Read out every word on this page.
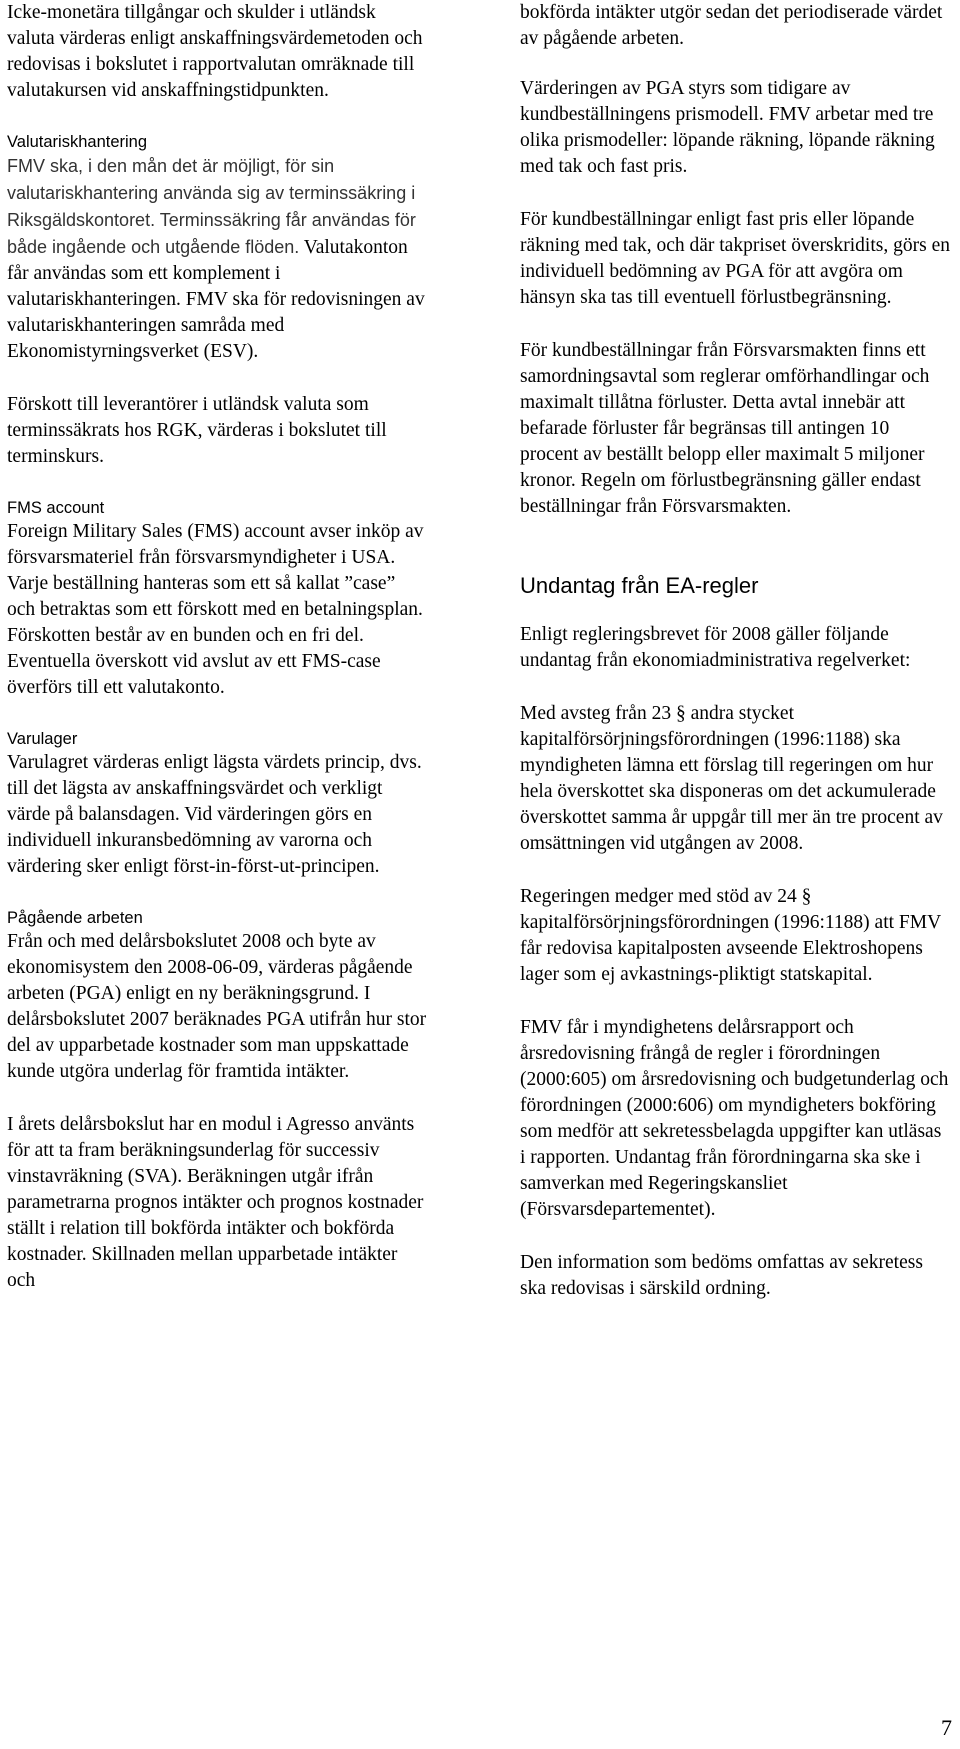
Icke-monetära tillgångar och skulder i utländsk valuta värderas enligt anskaffningsvärdemetoden och redovisas i bokslutet i rapportvalutan omräknade till valutakursen vid anskaffningstidpunkten.

Valutariskhantering

FMV ska, i den mån det är möjligt, för sin valutariskhantering använda sig av terminssäkring i Riksgäldskontoret. Terminssäkring får användas för både ingående och utgående flöden. Valutakonton får användas som ett komplement i valutariskhanteringen. FMV ska för redovisningen av valutariskhanteringen samråda med Ekonomistyrningsverket (ESV).

Förskott till leverantörer i utländsk valuta som terminssäkrats hos RGK, värderas i bokslutet till terminskurs.

FMS account

Foreign Military Sales (FMS) account avser inköp av försvarsmateriel från försvarsmyndigheter i USA. Varje beställning hanteras som ett så kallat ”case” och betraktas som ett förskott med en betalningsplan. Förskotten består av en bunden och en fri del. Eventuella överskott vid avslut av ett FMS-case överförs till ett valutakonto.

Varulager

Varulagret värderas enligt lägsta värdets princip, dvs. till det lägsta av anskaffningsvärdet och verkligt värde på balansdagen. Vid värderingen görs en individuell inkuransbedömning av varorna och värdering sker enligt först-in-först-ut-principen.

Pågående arbeten

Från och med delårsbokslutet 2008 och byte av ekonomisystem den 2008-06-09, värderas pågående arbeten (PGA) enligt en ny beräkningsgrund. I delårsbokslutet 2007 beräknades PGA utifrån hur stor del av upparbetade kostnader som man uppskattade kunde utgöra underlag för framtida intäkter.

I årets delårsbokslut har en modul i Agresso använts för att ta fram beräkningsunderlag för successiv vinstavräkning (SVA). Beräkningen utgår ifrån parametrarna prognos intäkter och prognos kostnader ställt i relation till bokförda intäkter och bokförda kostnader. Skillnaden mellan upparbetade intäkter och

bokförda intäkter utgör sedan det periodiserade värdet av pågående arbeten.

Värderingen av PGA styrs som tidigare av kundbeställningens prismodell. FMV arbetar med tre olika prismodeller: löpande räkning, löpande räkning med tak och fast pris.

För kundbeställningar enligt fast pris eller löpande räkning med tak, och där takpriset överskridits, görs en individuell bedömning av PGA för att avgöra om hänsyn ska tas till eventuell förlustbegränsning.

För kundbeställningar från Försvarsmakten finns ett samordningsavtal som reglerar omförhandlingar och maximalt tillåtna förluster. Detta avtal innebär att befarade förluster får begränsas till antingen 10 procent av beställt belopp eller maximalt 5 miljoner kronor. Regeln om förlustbegränsning gäller endast beställningar från Försvarsmakten.

Undantag från EA-regler

Enligt regleringsbrevet för 2008 gäller följande undantag från ekonomiadministrativa regelverket:

Med avsteg från 23 § andra stycket kapitalförsörjningsförordningen (1996:1188) ska myndigheten lämna ett förslag till regeringen om hur hela överskottet ska disponeras om det ackumulerade överskottet samma år uppgår till mer än tre procent av omsättningen vid utgången av 2008.

Regeringen medger med stöd av 24 § kapitalförsörjningsförordningen (1996:1188) att FMV får redovisa kapitalposten avseende Elektroshopens lager som ej avkastnings-pliktigt statskapital.

FMV får i myndighetens delårsrapport och årsredovisning frångå de regler i förordningen (2000:605) om årsredovisning och budgetunderlag och förordningen (2000:606) om myndigheters bokföring som medför att sekretessbelagda uppgifter kan utläsas i rapporten. Undantag från förordningarna ska ske i samverkan med Regeringskansliet (Försvarsdepartementet).

Den information som bedöms omfattas av sekretess ska redovisas i särskild ordning.

7
